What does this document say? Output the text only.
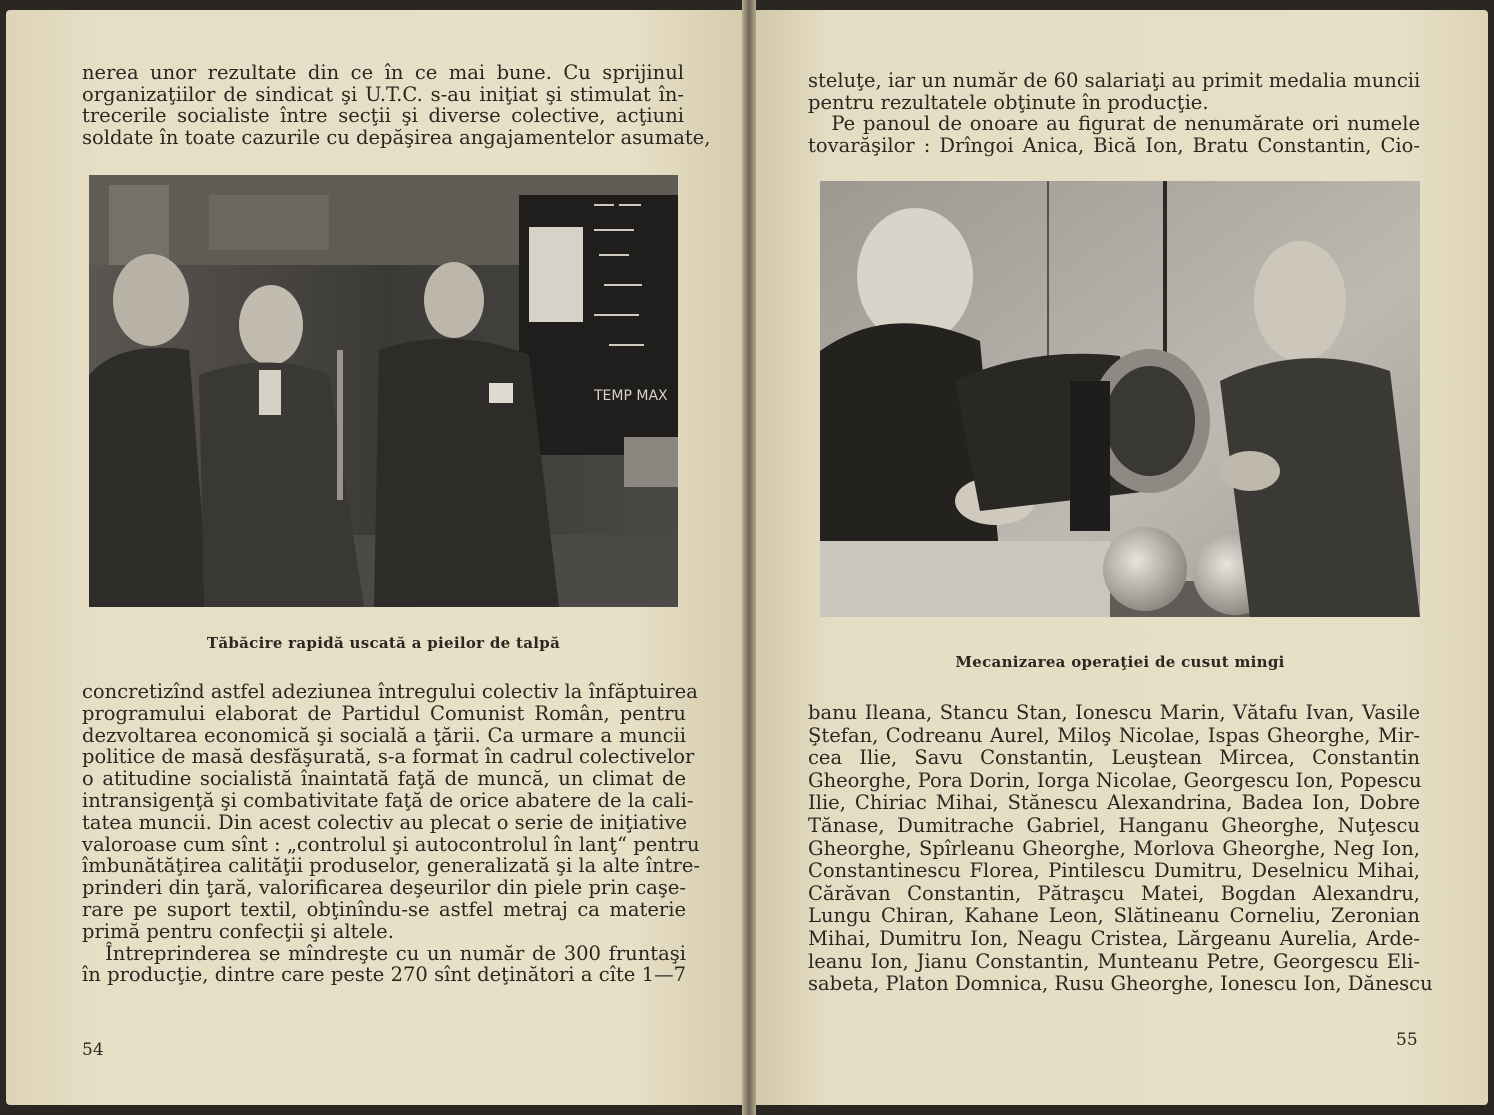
nerea unor rezultate din ce în ce mai bune. Cu sprijinul
organizaţiilor de sindicat şi U.T.C. s-au iniţiat şi stimulat în-
trecerile socialiste între secţii şi diverse colective, acţiuni
soldate în toate cazurile cu depăşirea angajamentelor asumate,
TEMP MAX
Tăbăcire rapidă uscată a pieilor de talpă
concretizînd astfel adeziunea întregului colectiv la înfăptuirea
programului elaborat de Partidul Comunist Român, pentru
dezvoltarea economică şi socială a ţării. Ca urmare a muncii
politice de masă desfăşurată, s-a format în cadrul colectivelor
o atitudine socialistă înaintată faţă de muncă, un climat de
intransigenţă şi combativitate faţă de orice abatere de la cali-
tatea muncii. Din acest colectiv au plecat o serie de iniţiative
valoroase cum sînt : „controlul şi autocontrolul în lanţ“ pentru
îmbunătăţirea calităţii produselor, generalizată şi la alte între-
prinderi din ţară, valorificarea deşeurilor din piele prin caşe-
rare pe suport textil, obţinîndu-se astfel metraj ca materie
primă pentru confecţii şi altele.
Întreprinderea se mîndreşte cu un număr de 300 fruntaşi
în producţie, dintre care peste 270 sînt deţinători a cîte 1—7
54
steluţe, iar un număr de 60 salariaţi au primit medalia muncii
pentru rezultatele obţinute în producţie.
Pe panoul de onoare au figurat de nenumărate ori numele
tovarăşilor : Drîngoi Anica, Bică Ion, Bratu Constantin, Cio-
Mecanizarea operaţiei de cusut mingi
banu Ileana, Stancu Stan, Ionescu Marin, Vătafu Ivan, Vasile
Ştefan, Codreanu Aurel, Miloş Nicolae, Ispas Gheorghe, Mir-
cea Ilie, Savu Constantin, Leuştean Mircea, Constantin
Gheorghe, Pora Dorin, Iorga Nicolae, Georgescu Ion, Popescu
Ilie, Chiriac Mihai, Stănescu Alexandrina, Badea Ion, Dobre
Tănase, Dumitrache Gabriel, Hanganu Gheorghe, Nuţescu
Gheorghe, Spîrleanu Gheorghe, Morlova Gheorghe, Neg Ion,
Constantinescu Florea, Pintilescu Dumitru, Deselnicu Mihai,
Cărăvan Constantin, Pătraşcu Matei, Bogdan Alexandru,
Lungu Chiran, Kahane Leon, Slătineanu Corneliu, Zeronian
Mihai, Dumitru Ion, Neagu Cristea, Lărgeanu Aurelia, Arde-
leanu Ion, Jianu Constantin, Munteanu Petre, Georgescu Eli-
sabeta, Platon Domnica, Rusu Gheorghe, Ionescu Ion, Dănescu
55
